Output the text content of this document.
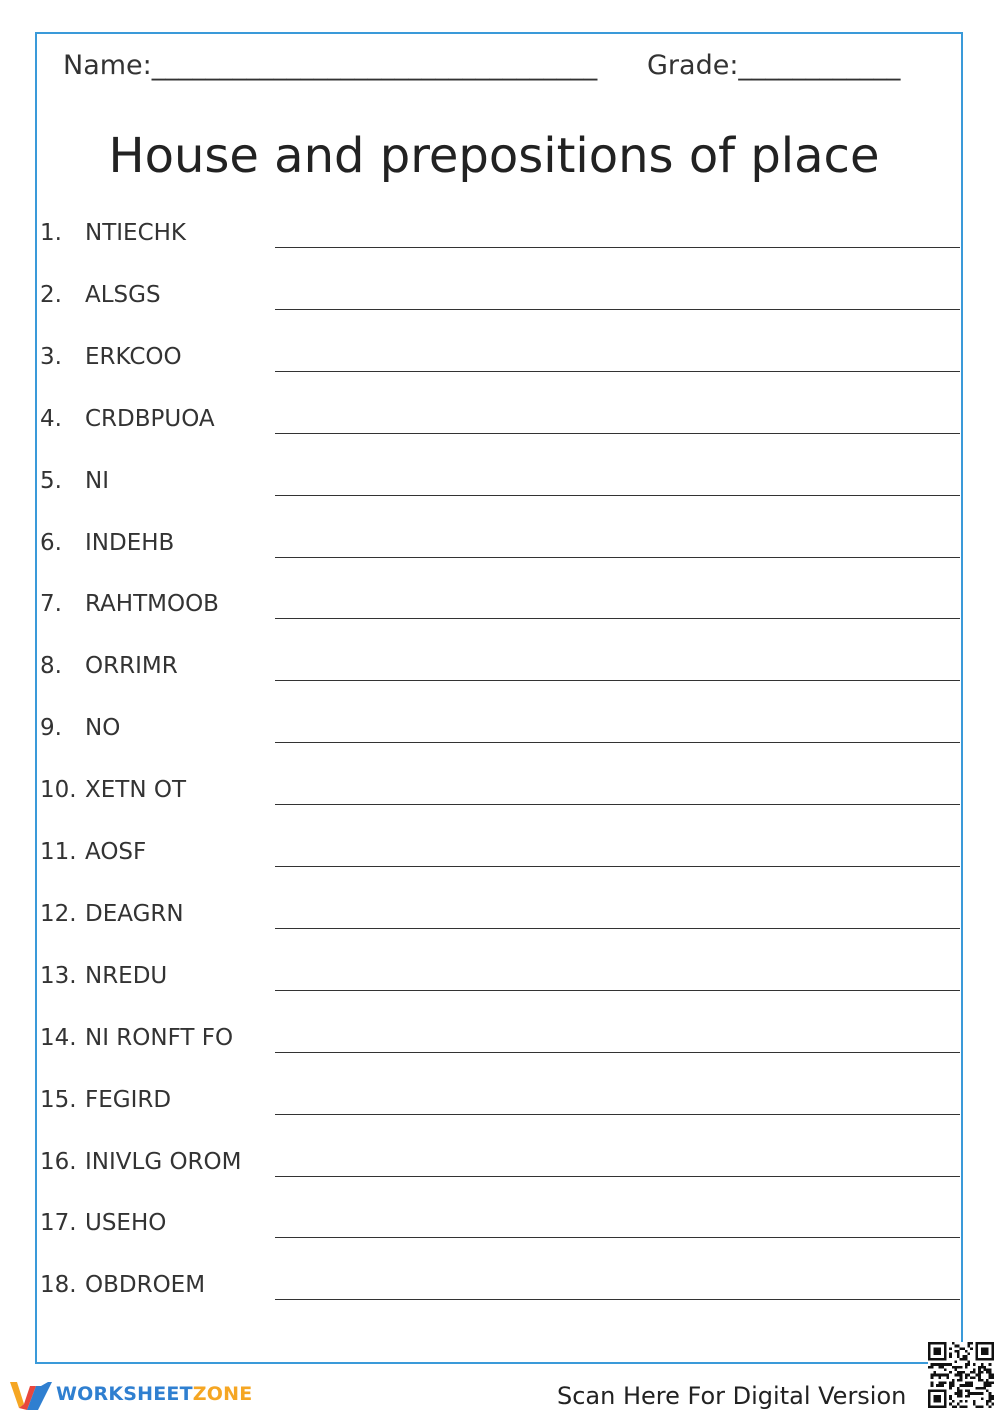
Name:_________________________________ Grade:____________
House and prepositions of place
1. NTIECHK
2. ALSGS
3. ERKCOO
4. CRDBPUOA
5. NI
6. INDEHB
7. RAHTMOOB
8. ORRIMR
9. NO
10. XETN OT
11. AOSF
12. DEAGRN
13. NREDU
14. NI RONFT FO
15. FEGIRD
16. INIVLG OROM
17. USEHO
18. OBDROEM
WORKSHEETZONE	Scan Here For Digital Version
